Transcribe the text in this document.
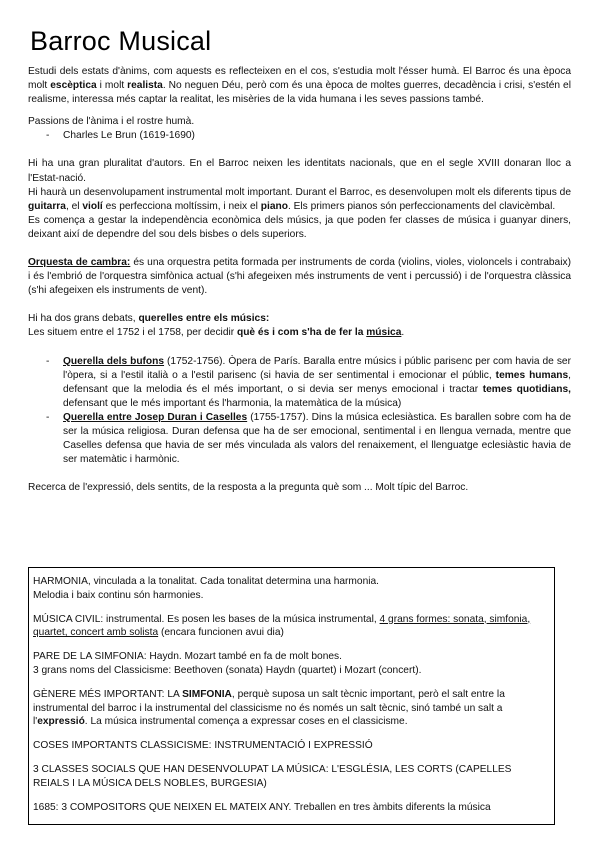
Barroc Musical

Estudi dels estats d'ànims, com aquests es reflecteixen en el cos, s'estudia molt l'ésser humà. El Barroc és una època molt escèptica i molt realista. No neguen Déu, però com és una època de moltes guerres, decadència i crisi, s'estén el realisme, interessa més captar la realitat, les misèries de la vida humana i les seves passions també.

Passions de l'ànima i el rostre humà.

- Charles Le Brun (1619-1690)

Hi ha una gran pluralitat d'autors. En el Barroc neixen les identitats nacionals, que en el segle XVIII donaran lloc a l'Estat-nació.

Hi haurà un desenvolupament instrumental molt important. Durant el Barroc, es desenvolupen molt els diferents tipus de guitarra, el violí es perfecciona moltíssim, i neix el piano. Els primers pianos són perfeccionaments del clavicèmbal.

Es comença a gestar la independència econòmica dels músics, ja que poden fer classes de música i guanyar diners, deixant així de dependre del sou dels bisbes o dels superiors.

Orquesta de cambra: és una orquestra petita formada per instruments de corda (violins, violes, violoncels i contrabaix) i és l'embrió de l'orquestra simfònica actual (s'hi afegeixen més instruments de vent i percussió) i de l'orquestra clàssica (s'hi afegeixen els instruments de vent).

Hi ha dos grans debats, querelles entre els músics:

Les situem entre el 1752 i el 1758, per decidir què és i com s'ha de fer la música.

- Querella dels bufons (1752-1756). Òpera de París. Baralla entre músics i públic parisenc per com havia de ser l'òpera, si a l'estil italià o a l'estil parisenc (si havia de ser sentimental i emocionar el públic, temes humans, defensant que la melodia és el més important, o si devia ser menys emocional i tractar temes quotidians, defensant que le més important és l'harmonia, la matemàtica de la música)
- Querella entre Josep Duran i Caselles (1755-1757). Dins la música eclesiàstica. Es barallen sobre com ha de ser la música religiosa. Duran defensa que ha de ser emocional, sentimental i en llengua vernada, mentre que Caselles defensa que havia de ser més vinculada als valors del renaixement, el llenguatge eclesiàstic havia de ser matemàtic i harmònic.

Recerca de l'expressió, dels sentits, de la resposta a la pregunta què som ... Molt típic del Barroc.

HARMONIA, vinculada a la tonalitat. Cada tonalitat determina una harmonia.
Melodia i baix continu són harmonies.

MÚSICA CIVIL: instrumental. Es posen les bases de la música instrumental, 4 grans formes: sonata, simfonia, quartet, concert amb solista (encara funcionen avui dia)

PARE DE LA SIMFONIA: Haydn. Mozart també en fa de molt bones.
3 grans noms del Classicisme: Beethoven (sonata) Haydn (quartet) i Mozart (concert).

GÈNERE MÉS IMPORTANT: LA SIMFONIA, perquè suposa un salt tècnic important, però el salt entre la instrumental del barroc i la instrumental del classicisme no és només un salt tècnic, sinó també un salt a l'expressió. La música instrumental comença a expressar coses en el classicisme.

COSES IMPORTANTS CLASSICISME: INSTRUMENTACIÓ I EXPRESSIÓ

3 CLASSES SOCIALS QUE HAN DESENVOLUPAT LA MÚSICA: L'ESGLÉSIA, LES CORTS (CAPELLES REIALS I LA MÚSICA DELS NOBLES, BURGESIA)

1685: 3 COMPOSITORS QUE NEIXEN EL MATEIX ANY. Treballen en tres àmbits diferents la música
